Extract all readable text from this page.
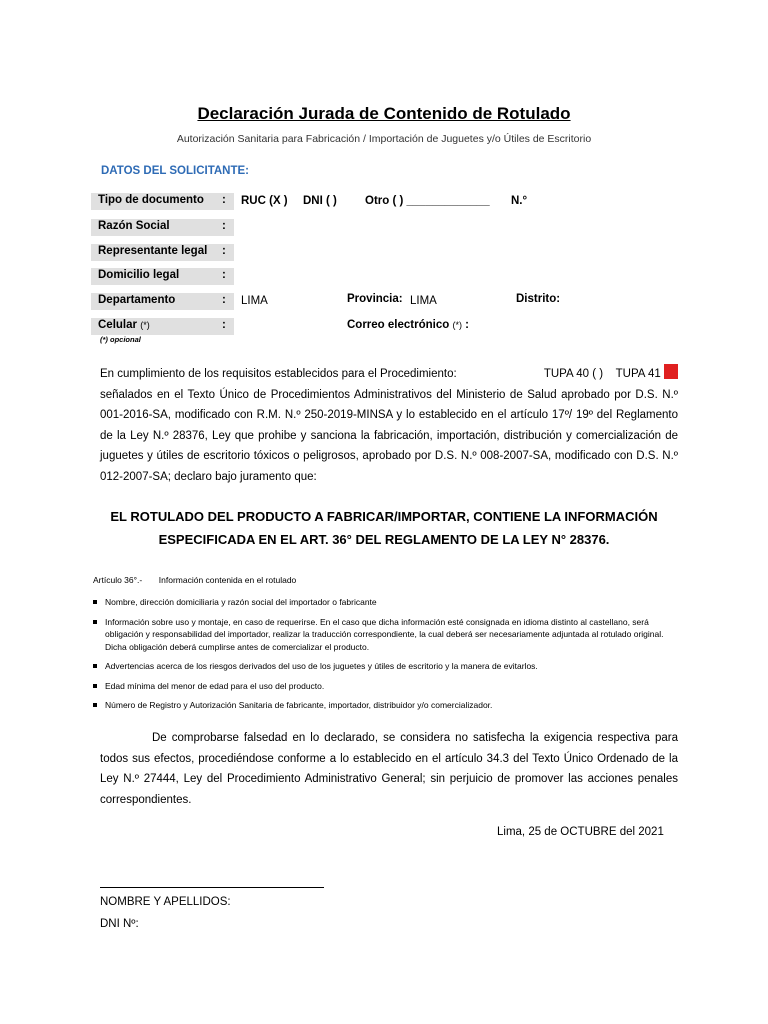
Declaración Jurada de Contenido de Rotulado
Autorización Sanitaria para Fabricación / Importación de Juguetes y/o Útiles de Escritorio
DATOS DEL SOLICITANTE:
Tipo de documento	: RUC (X ) DNI ( ) Otro ( ) _____________ N.°
Razón Social	:
Representante legal	:
Domicilio legal	:
Departamento	: LIMA	Provincia: LIMA	Distrito:
Celular (*)	:	Correo electrónico (*) :
(*) opcional
En cumplimiento de los requisitos establecidos para el Procedimiento:	TUPA 40 ( ) TUPA 41
señalados en el Texto Único de Procedimientos Administrativos del Ministerio de Salud aprobado por D.S. N.º 001-2016-SA, modificado con R.M. N.º 250-2019-MINSA y lo establecido en el artículo 17º/ 19º del Reglamento de la Ley N.º 28376, Ley que prohibe y sanciona la fabricación, importación, distribución y comercialización de juguetes y útiles de escritorio tóxicos o peligrosos, aprobado por D.S. N.º 008-2007-SA, modificado con D.S. N.º 012-2007-SA; declaro bajo juramento que:
EL ROTULADO DEL PRODUCTO A FABRICAR/IMPORTAR, CONTIENE LA INFORMACIÓN ESPECIFICADA EN EL ART. 36° DEL REGLAMENTO DE LA LEY N° 28376.
Artículo 36°.- Información contenida en el rotulado
Nombre, dirección domiciliaria y razón social del importador o fabricante
Información sobre uso y montaje, en caso de requerirse. En el caso que dicha información esté consignada en idioma distinto al castellano, será obligación y responsabilidad del importador, realizar la traducción correspondiente, la cual deberá ser necesariamente adjuntada al rotulado original. Dicha obligación deberá cumplirse antes de comercializar el producto.
Advertencias acerca de los riesgos derivados del uso de los juguetes y útiles de escritorio y la manera de evitarlos.
Edad mínima del menor de edad para el uso del producto.
Número de Registro y Autorización Sanitaria de fabricante, importador, distribuidor y/o comercializador.
De comprobarse falsedad en lo declarado, se considera no satisfecha la exigencia respectiva para todos sus efectos, procediéndose conforme a lo establecido en el artículo 34.3 del Texto Único Ordenado de la Ley N.º 27444, Ley del Procedimiento Administrativo General; sin perjuicio de promover las acciones penales correspondientes.
Lima, 25 de OCTUBRE del 2021
NOMBRE Y APELLIDOS:
DNI Nº:
